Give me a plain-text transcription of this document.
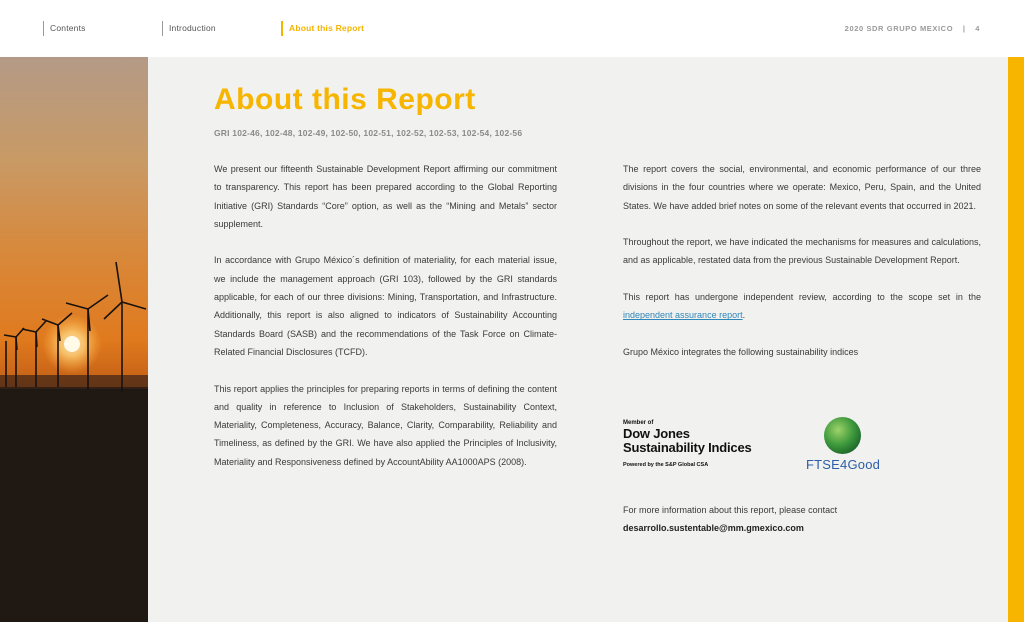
Contents	Introduction	About this Report	2020 SDR GRUPO MEXICO | 4
About this Report
GRI 102-46, 102-48, 102-49, 102-50, 102-51, 102-52, 102-53, 102-54, 102-56

We present our fifteenth Sustainable Development Report affirming our commitment to transparency. This report has been prepared according to the Global Reporting Initiative (GRI) Standards “Core” option, as well as the “Mining and Metals” sector supplement.

In accordance with Grupo México´s definition of materiality, for each material issue, we include the management approach (GRI 103), followed by the GRI standards applicable, for each of our three divisions: Mining, Transportation, and Infrastructure. Additionally, this report is also aligned to indicators of Sustainability Accounting Standards Board (SASB) and the recommendations of the Task Force on Climate-Related Financial Disclosures (TCFD).

This report applies the principles for preparing reports in terms of defining the content and quality in reference to Inclusion of Stakeholders, Sustainability Context, Materiality, Completeness, Accuracy, Balance, Clarity, Comparability, Reliability and Timeliness, as defined by the GRI. We have also applied the Principles of Inclusivity, Materiality and Responsiveness defined by AccountAbility AA1000APS (2008).

The report covers the social, environmental, and economic performance of our three divisions in the four countries where we operate: Mexico, Peru, Spain, and the United States. We have added brief notes on some of the relevant events that occurred in 2021.

Throughout the report, we have indicated the mechanisms for measures and calculations, and as applicable, restated data from the previous Sustainable Development Report.

This report has undergone independent review, according to the scope set in the independent assurance report.

Grupo México integrates the following sustainability indices

Member of
Dow Jones
Sustainability Indices
Powered by the S&P Global CSA	FTSE4Good
For more information about this report, please contact
desarrollo.sustentable@mm.gmexico.com
